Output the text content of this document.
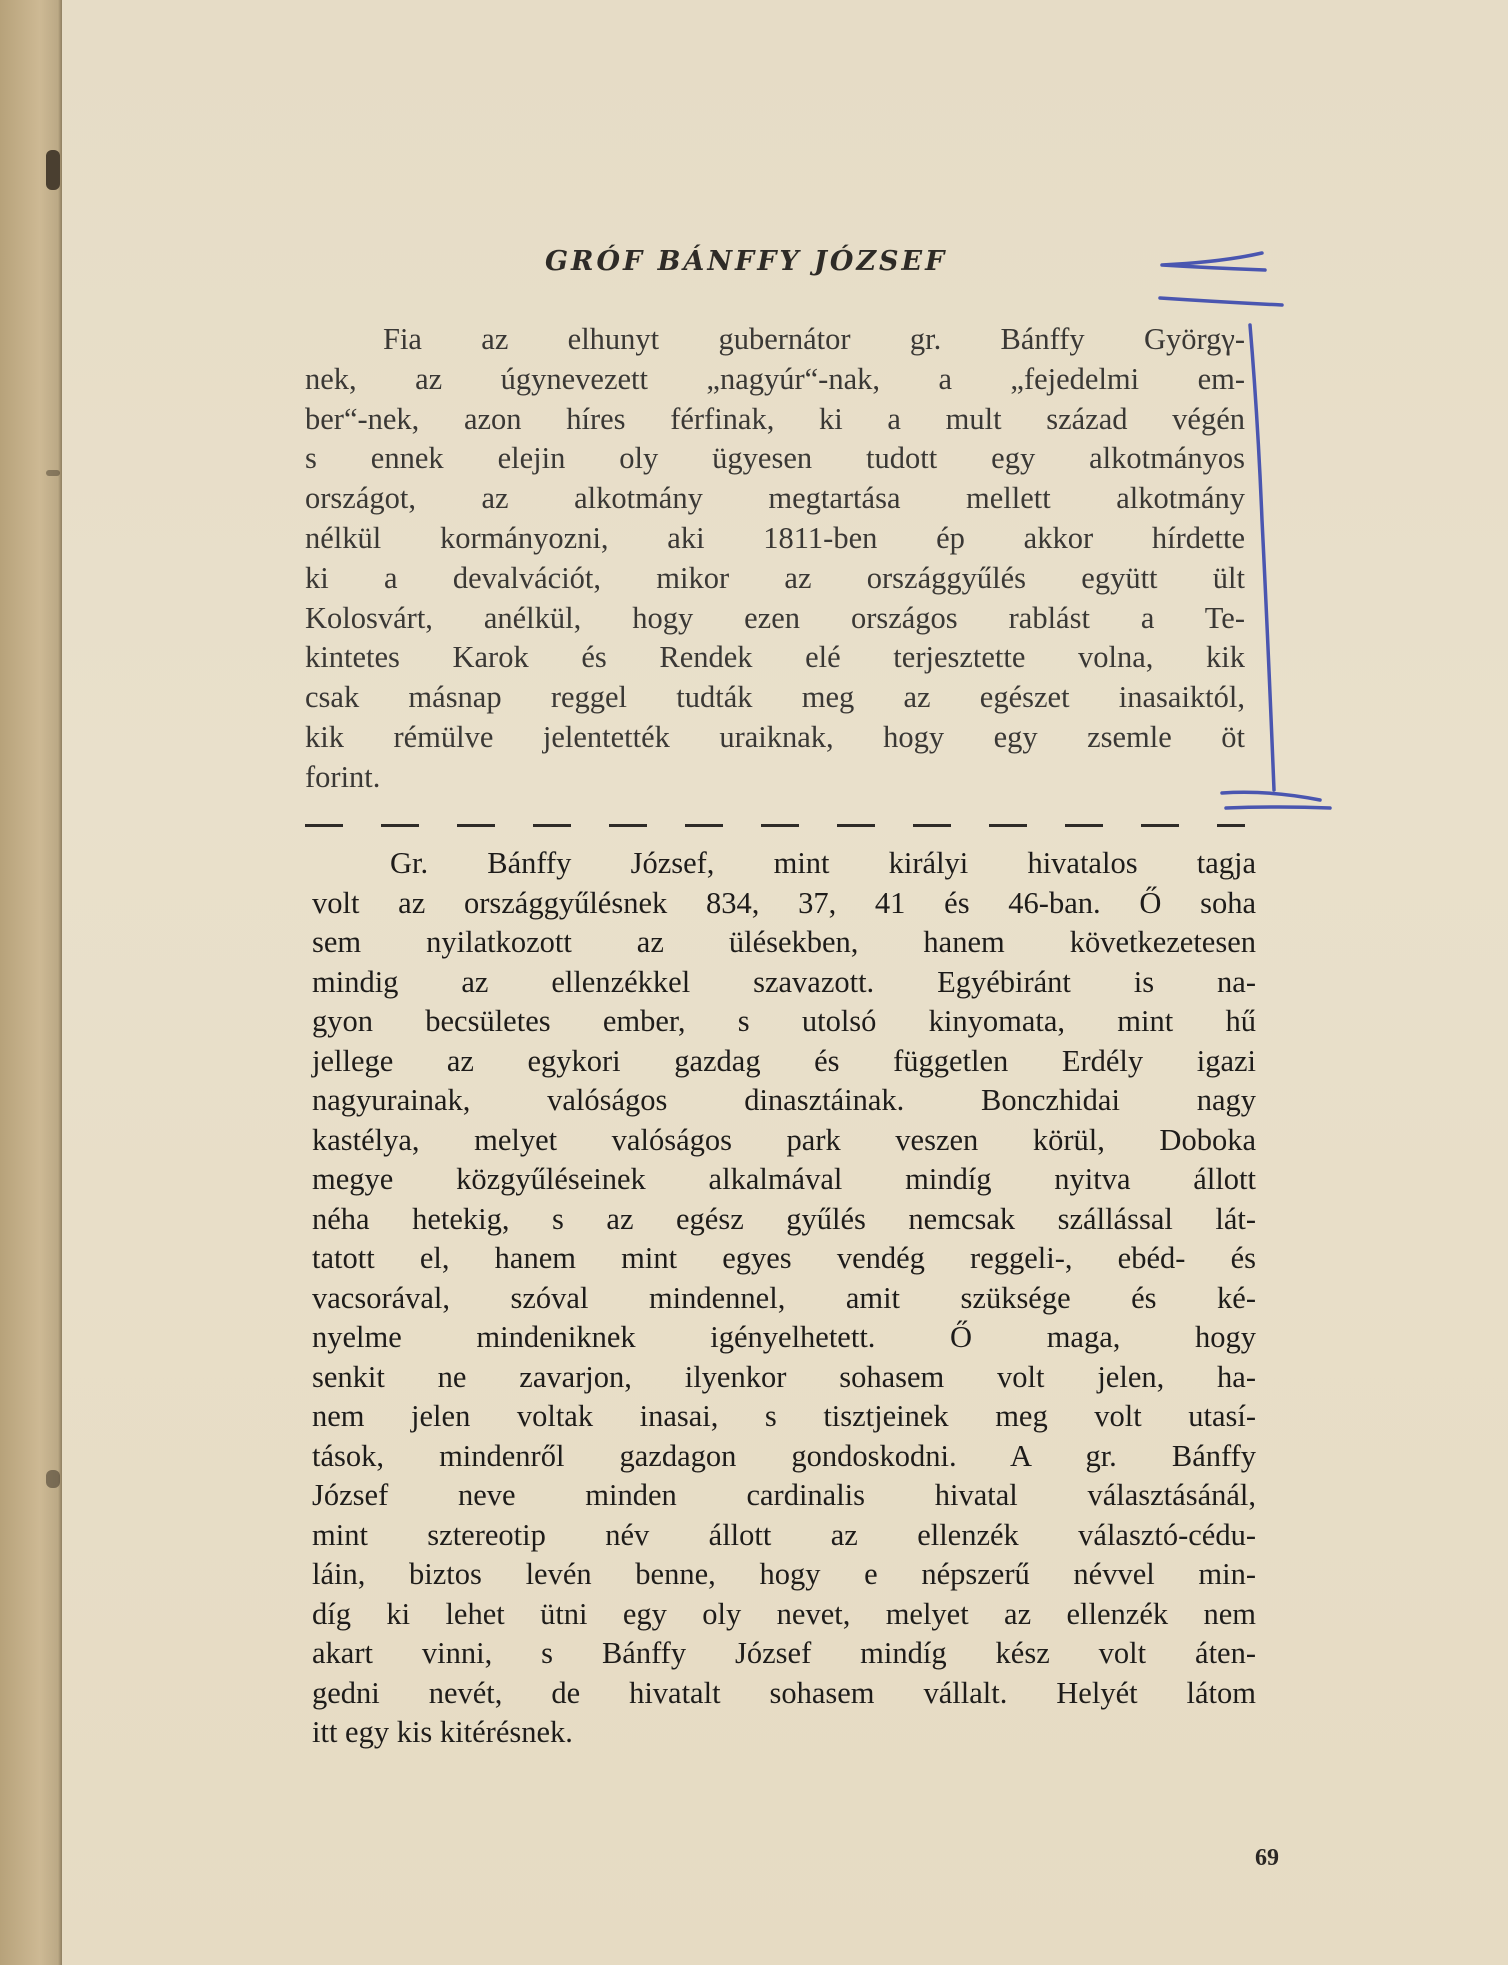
GRÓF BÁNFFY JÓZSEF
Fia az elhunyt gubernátor gr. Bánffy Györgγ-
nek, az úgynevezett „nagyúr“-nak, a „fejedelmi em-
ber“-nek, azon híres férfinak, ki a mult század végén
s ennek elejin oly ügyesen tudott egy alkotmányos
országot, az alkotmány megtartása mellett alkotmány
nélkül kormányozni, aki 1811-ben ép akkor hírdette
ki a devalvációt, mikor az országgyűlés együtt ült
Kolosvárt, anélkül, hogy ezen országos rablást a Te-
kintetes Karok és Rendek elé terjesztette volna, kik
csak másnap reggel tudták meg az egészet inasaiktól,
kik rémülve jelentették uraiknak, hogy egy zsemle öt
forint.
Gr. Bánffy József, mint királyi hivatalos tagja
volt az országgyűlésnek 834, 37, 41 és 46-ban. Ő soha
sem nyilatkozott az ülésekben, hanem következetesen
mindig az ellenzékkel szavazott. Egyébiránt is na-
gyon becsületes ember, s utolsó kinyomata, mint hű
jellege az egykori gazdag és független Erdély igazi
nagyurainak, valóságos dinasztáinak. Bonczhidai nagy
kastélya, melyet valóságos park veszen körül, Doboka
megye közgyűléseinek alkalmával mindíg nyitva állott
néha hetekig, s az egész gyűlés nemcsak szállással lát-
tatott el, hanem mint egyes vendég reggeli-, ebéd- és
vacsorával, szóval mindennel, amit szüksége és ké-
nyelme mindeniknek igényelhetett. Ő maga, hogy
senkit ne zavarjon, ilyenkor sohasem volt jelen, ha-
nem jelen voltak inasai, s tisztjeinek meg volt utasí-
tások, mindenről gazdagon gondoskodni. A gr. Bánffy
József neve minden cardinalis hivatal választásánál,
mint sztereotip név állott az ellenzék választó-cédu-
láin, biztos levén benne, hogy e népszerű névvel min-
díg ki lehet ütni egy oly nevet, melyet az ellenzék nem
akart vinni, s Bánffy József mindíg kész volt áten-
gedni nevét, de hivatalt sohasem vállalt. Helyét látom
itt egy kis kitérésnek.
69
